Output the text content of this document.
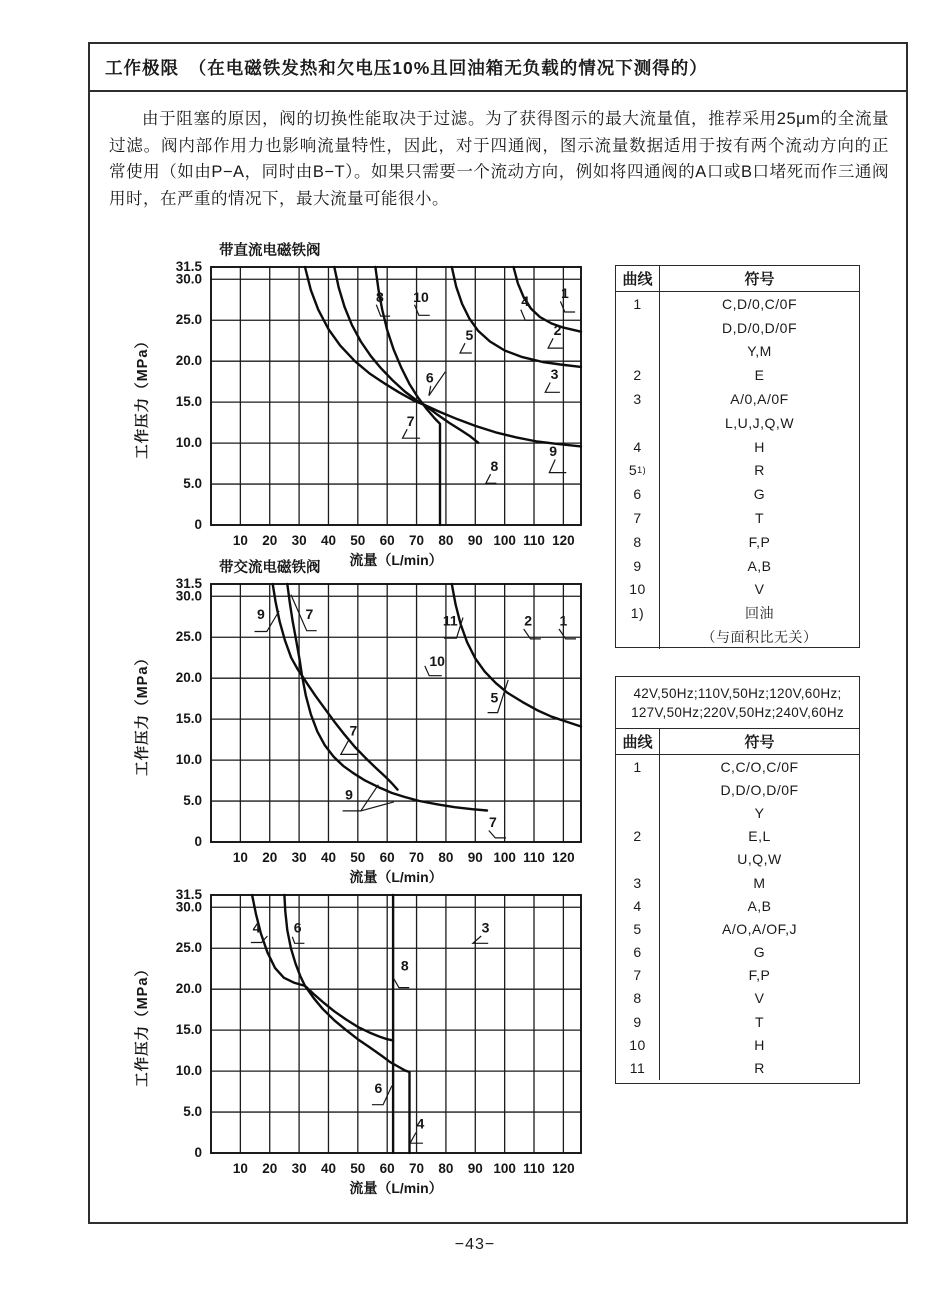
工作极限　（在电磁铁发热和欠电压10%且回油箱无负载的情况下测得的）
由于阻塞的原因，阀的切换性能取决于过滤。为了获得图示的最大流量值，推荐采用25μm的全流量过滤。阀内部作用力也影响流量特性，因此，对于四通阀，图示流量数据适用于按有两个流动方向的正常使用（如由P−A，同时由B−T）。如果只需要一个流动方向，例如将四通阀的A口或B口堵死而作三通阀用时，在严重的情况下，最大流量可能很小。
8 10	4
1
5	2
6	3
7
8
9
31.5
30.0
25.0
20.0
15.0
10.0
5.0
0
10 20 30 40 50 60 70 80 90 100 110 120
流量（L/min）
工作压力（MPa）
带直流电磁铁阀
9	7	11
10
5
2 1
7
9
7
31.5
30.0
25.0
20.0
15.0
10.0
5.0
0
10 20 30 40 50 60 70 80 90 100 110 120
流量（L/min）
工作压力（MPa）
带交流电磁铁阀
4 6	3
8
6
4
31.5
30.0
25.0
20.0
15.0
10.0
5.0
0
10 20 30 40 50 60 70 80 90 100 110 120
流量（L/min）
工作压力（MPa）
曲线	符号
1	C,D/0,C/0F
D,D/0,D/0F
Y,M
2	E
3	A/0,A/0F
L,U,J,Q,W
4	H
5 1)	R
6	G
7	T
8	F,P
9	A,B
10	V
1)	回油
（与面积比无关）
42V,50Hz;110V,50Hz;120V,60Hz;
127V,50Hz;220V,50Hz;240V,60Hz
曲线	符号
1	C,C/O,C/0F
D,D/O,D/0F
Y
2	E,L
U,Q,W
3	M
4	A,B
5	A/O,A/OF,J
6	G
7	F,P
8	V
9	T
10	H
11	R
−43−
